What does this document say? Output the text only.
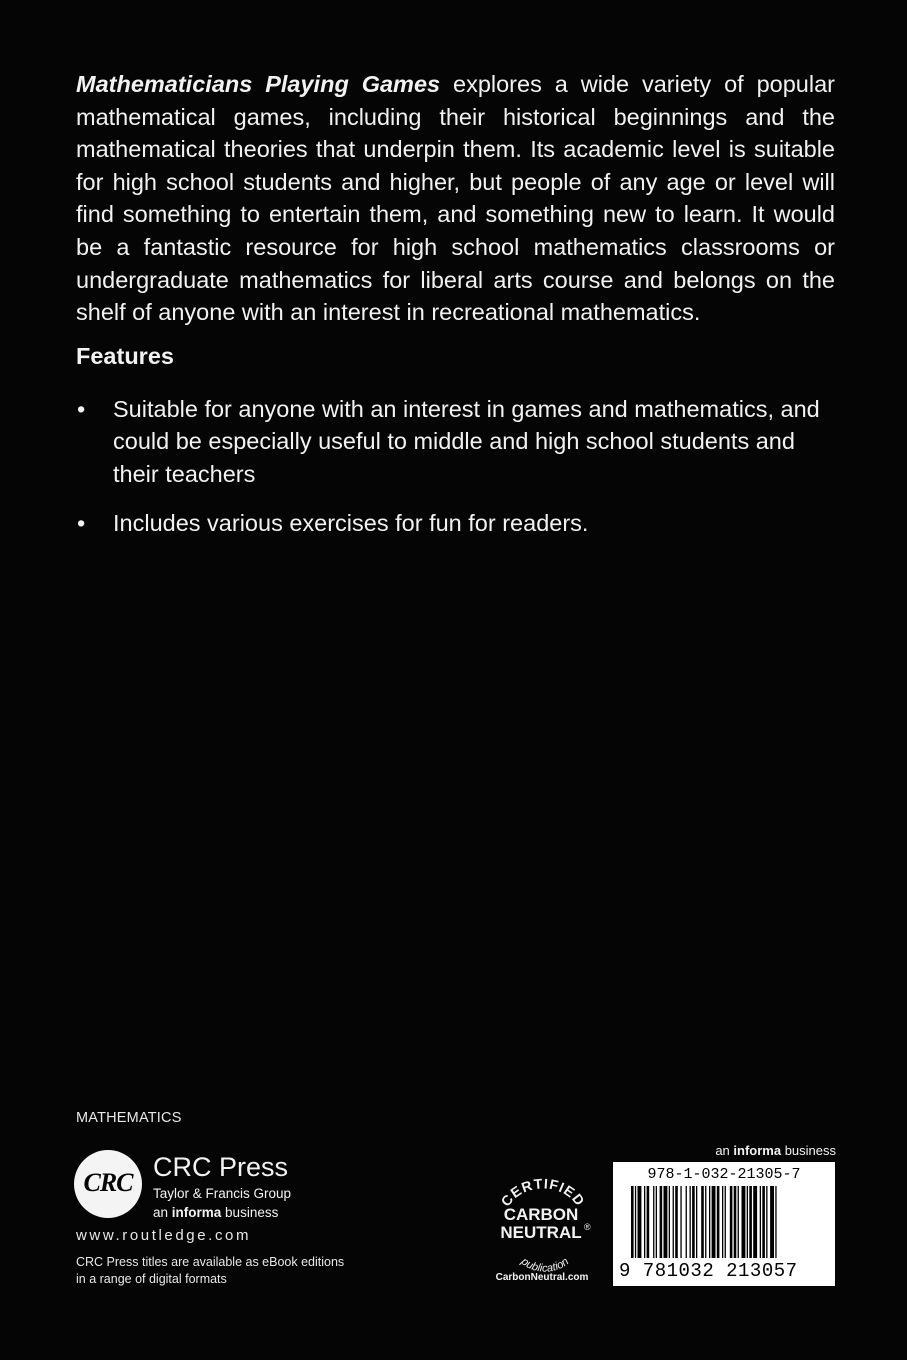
Mathematicians Playing Games explores a wide variety of popular mathematical games, including their historical beginnings and the mathematical theories that underpin them. Its academic level is suitable for high school students and higher, but people of any age or level will find something to entertain them, and something new to learn. It would be a fantastic resource for high school mathematics classrooms or undergraduate mathematics for liberal arts course and belongs on the shelf of anyone with an interest in recreational mathematics.

Features
• Suitable for anyone with an interest in games and mathematics, and could be especially useful to middle and high school students and their teachers
• Includes various exercises for fun for readers.
MATHEMATICS
CRC
CRC Press
Taylor & Francis Group
an informa business
www.routledge.com
CRC Press titles are available as eBook editions in a range of digital formats
CERTIFIED
CARBON
NEUTRAL ®
publication
CarbonNeutral.com
an informa business
978-1-032-21305-7
9 781032 213057
